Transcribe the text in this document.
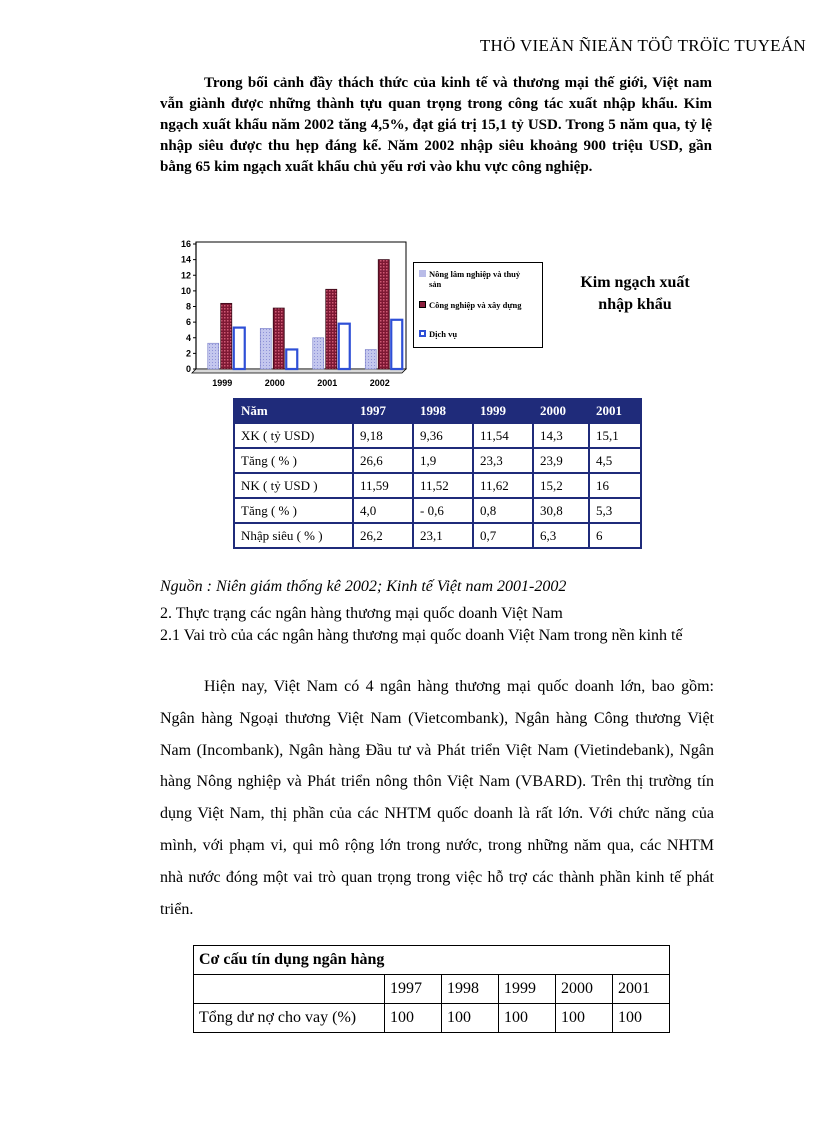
THÖ VIEÄN ÑIEÄN TÖÛ TRÖÏC TUYEÁN
Trong bối cảnh đầy thách thức của kinh tế và thương mại thế giới, Việt nam vẫn giành được những thành tựu quan trọng trong công tác xuất nhập khẩu. Kim ngạch xuất khẩu năm 2002 tăng 4,5%, đạt giá trị 15,1 tỷ USD. Trong 5 năm qua, tỷ lệ nhập siêu được thu hẹp đáng kể. Năm 2002 nhập siêu khoảng 900 triệu USD, gần bằng 65 kim ngạch xuất khẩu chủ yếu rơi vào khu vực công nghiệp.
0
2
4
6
8
10
12
14
16
1999	2000	2001	2002
Nông lâm nghiệp và thuỷ
sản
Công nghiệp và xây dựng
Dịch vụ
Kim ngạch xuất
nhập khẩu
Năm	1997	1998	1999	2000	2001
XK ( tỷ USD)	9,18	9,36	11,54	14,3	15,1
Tăng ( % )	26,6	1,9	23,3	23,9	4,5
NK ( tỷ USD )	11,59	11,52	11,62	15,2	16
Tăng ( % )	4,0	- 0,6	0,8	30,8	5,3
Nhập siêu ( % )	26,2	23,1	0,7	6,3	6
Nguồn : Niên giám thống kê 2002; Kinh tế Việt nam 2001-2002
2. Thực trạng các ngân hàng thương mại quốc doanh Việt Nam
2.1 Vai trò của các ngân hàng thương mại quốc doanh Việt Nam trong nền kinh tế
Hiện nay, Việt Nam có 4 ngân hàng thương mại quốc doanh lớn, bao gồm: Ngân hàng Ngoại thương Việt Nam (Vietcombank), Ngân hàng Công thương Việt Nam (Incombank), Ngân hàng Đầu tư và Phát triển Việt Nam (Vietindebank), Ngân hàng Nông nghiệp và Phát triển nông thôn Việt Nam (VBARD). Trên thị trường tín dụng Việt Nam, thị phần của các NHTM quốc doanh là rất lớn. Với chức năng của mình, với phạm vi, qui mô rộng lớn trong nước, trong những năm qua, các NHTM nhà nước đóng một vai trò quan trọng trong việc hỗ trợ các thành phần kinh tế phát triển.
Cơ cấu tín dụng ngân hàng					
	1997	1998	1999	2000	2001
Tổng dư nợ cho vay (%)	100	100	100	100	100
